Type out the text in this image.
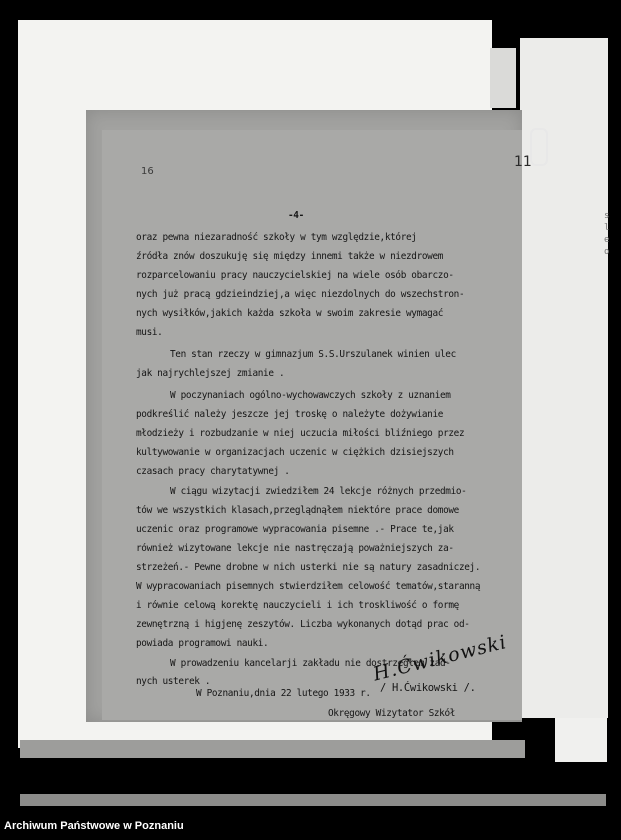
s
l
e
o
16
11
-4-
oraz pewna niezaradność szkoły w tym względzie,której
źródła znów doszukuję się między innemi także w niezdrowem
rozparcelowaniu pracy nauczycielskiej na wiele osób obarczo-
nych już pracą gdzieindziej,a więc niezdolnych do wszechstron-
nych wysiłków,jakich każda szkoła w swoim zakresie wymagać
musi.
Ten stan rzeczy w gimnazjum S.S.Urszulanek winien ulec
jak najrychlejszej zmianie .
W poczynaniach ogólno-wychowawczych szkoły z uznaniem
podkreślić należy jeszcze jej troskę o należyte dożywianie
młodzieży i rozbudzanie w niej uczucia miłości bliźniego przez
kultywowanie w organizacjach uczenic w ciężkich dzisiejszych
czasach pracy charytatywnej .
W ciągu wizytacji zwiedziłem 24 lekcje różnych przedmio-
tów we wszystkich klasach,przeglądnąłem niektóre prace domowe
uczenic oraz programowe wypracowania pisemne .- Prace te,jak
również wizytowane lekcje nie nastręczają poważniejszych za-
strzeżeń.- Pewne drobne w nich usterki nie są natury zasadniczej.
W wypracowaniach pisemnych stwierdziłem celowość tematów,staranną
i równie celową korektę nauczycieli i ich troskliwość o formę
zewnętrzną i higjenę zeszytów. Liczba wykonanych dotąd prac od-
powiada programowi nauki.
W prowadzeniu kancelarji zakładu nie dostrzegłem żad-
nych usterek .
W Poznaniu,dnia 22 lutego 1933 r.
Okręgowy Wizytator Szkół
H.Ćwikowski
/ H.Ćwikowski /.
Archiwum Państwowe w Poznaniu
